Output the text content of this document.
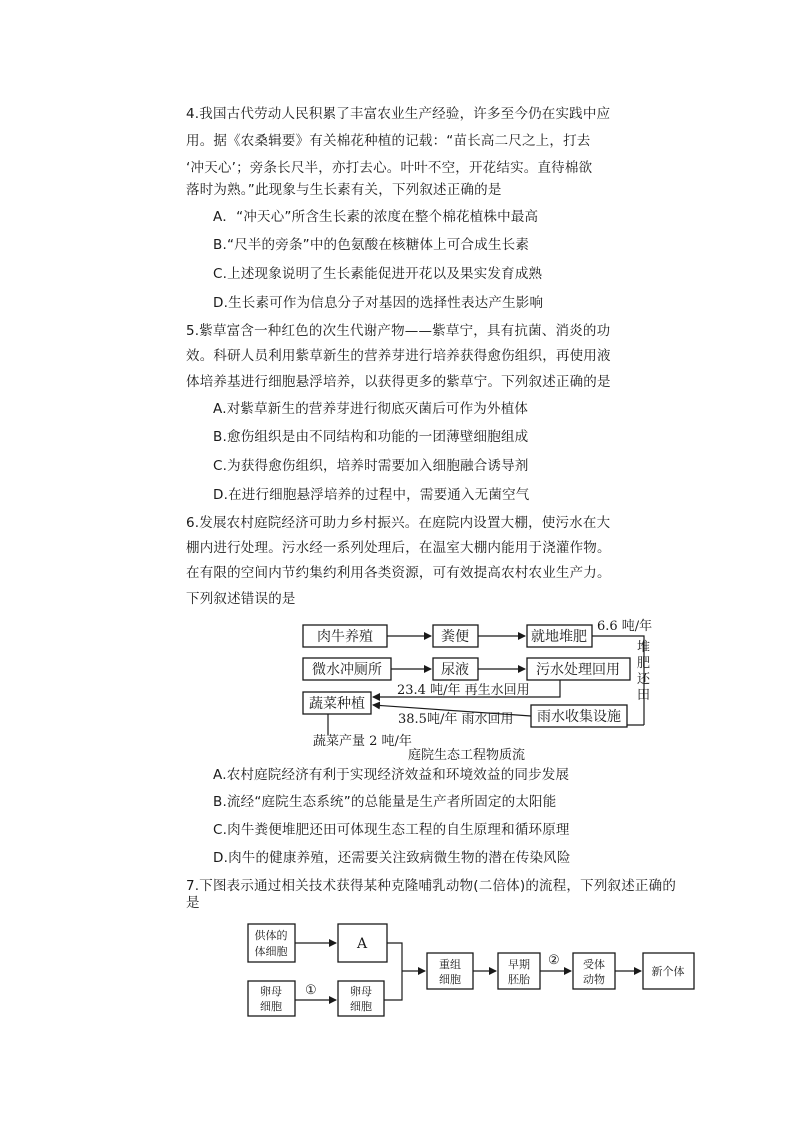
4.我国古代劳动人民积累了丰富农业生产经验，许多至今仍在实践中应
用。据《农桑辑要》有关棉花种植的记载：“苗长高二尺之上，打去
‘冲天心’；旁条长尺半，亦打去心。叶叶不空，开花结实。直待棉欲
落时为熟。”此现象与生长素有关，下列叙述正确的是
A．“冲天心”所含生长素的浓度在整个棉花植株中最高
B.“尺半的旁条”中的色氨酸在核糖体上可合成生长素
C.上述现象说明了生长素能促进开花以及果实发育成熟
D.生长素可作为信息分子对基因的选择性表达产生影响
5.紫草富含一种红色的次生代谢产物——紫草宁，具有抗菌、消炎的功
效。科研人员利用紫草新生的营养芽进行培养获得愈伤组织，再使用液
体培养基进行细胞悬浮培养，以获得更多的紫草宁。下列叙述正确的是
A.对紫草新生的营养芽进行彻底灭菌后可作为外植体
B.愈伤组织是由不同结构和功能的一团薄壁细胞组成
C.为获得愈伤组织，培养时需要加入细胞融合诱导剂
D.在进行细胞悬浮培养的过程中，需要通入无菌空气
6.发展农村庭院经济可助力乡村振兴。在庭院内设置大棚，使污水在大
棚内进行处理。污水经一系列处理后，在温室大棚内能用于浇灌作物。
在有限的空间内节约集约利用各类资源，可有效提高农村农业生产力。
下列叙述错误的是
肉牛养殖	粪便	就地堆肥
微水冲厕所	尿液	污水处理回用
蔬菜种植
雨水收集设施
6.6 吨/年
堆
肥
还
田
23.4 吨/年 再生水回用
38.5吨/年 雨水回用
蔬菜产量 2 吨/年
庭院生态工程物质流
供体的
体细胞	A
卵母
细胞
卵母
细胞
重组
细胞
早期
胚胎
受体
动物
新个体
①
②
A.农村庭院经济有利于实现经济效益和环境效益的同步发展
B.流经“庭院生态系统”的总能量是生产者所固定的太阳能
C.肉牛粪便堆肥还田可体现生态工程的自生原理和循环原理
D.肉牛的健康养殖，还需要关注致病微生物的潜在传染风险
7.下图表示通过相关技术获得某种克隆哺乳动物(二倍体)的流程，下列叙述正确的
是
